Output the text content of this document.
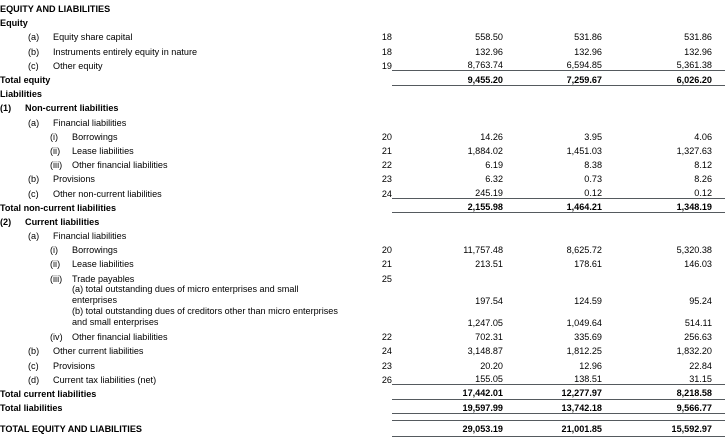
EQUITY AND LIABILITIES				
Equity				
(a) Equity share capital	18	558.50	531.86	531.86
(b) Instruments entirely equity in nature	18	132.96	132.96	132.96
(c) Other equity	19	8,763.74	6,594.85	5,361.38
Total equity		9,455.20	7,259.67	6,026.20
Liabilities				
(1) Non-current liabilities				
(a) Financial liabilities				
(i) Borrowings	20	14.26	3.95	4.06
(ii) Lease liabilities	21	1,884.02	1,451.03	1,327.63
(iii) Other financial liabilities	22	6.19	8.38	8.12
(b) Provisions	23	6.32	0.73	8.26
(c) Other non-current liabilities	24	245.19	0.12	0.12
Total non-current liabilities		2,155.98	1,464.21	1,348.19
(2) Current liabilities				
(a) Financial liabilities				
(i) Borrowings	20	11,757.48	8,625.72	5,320.38
(ii) Lease liabilities	21	213.51	178.61	146.03
(iii) Trade payables	25			

(a) total outstanding dues of micro enterprises and small enterprises		197.54	124.59	95.24

(b) total outstanding dues of creditors other than micro enterprises and small enterprises		1,247.05	1,049.64	514.11
(iv) Other financial liabilities	22	702.31	335.69	256.63
(b) Other current liabilities	24	3,148.87	1,812.25	1,832.20
(c) Provisions	23	20.20	12.96	22.84
(d) Current tax liabilities (net)	26	155.05	138.51	31.15
Total current liabilities		17,442.01	12,277.97	8,218.58
Total liabilities		19,597.99	13,742.18	9,566.77

TOTAL EQUITY AND LIABILITIES		29,053.19	21,001.85	15,592.97
